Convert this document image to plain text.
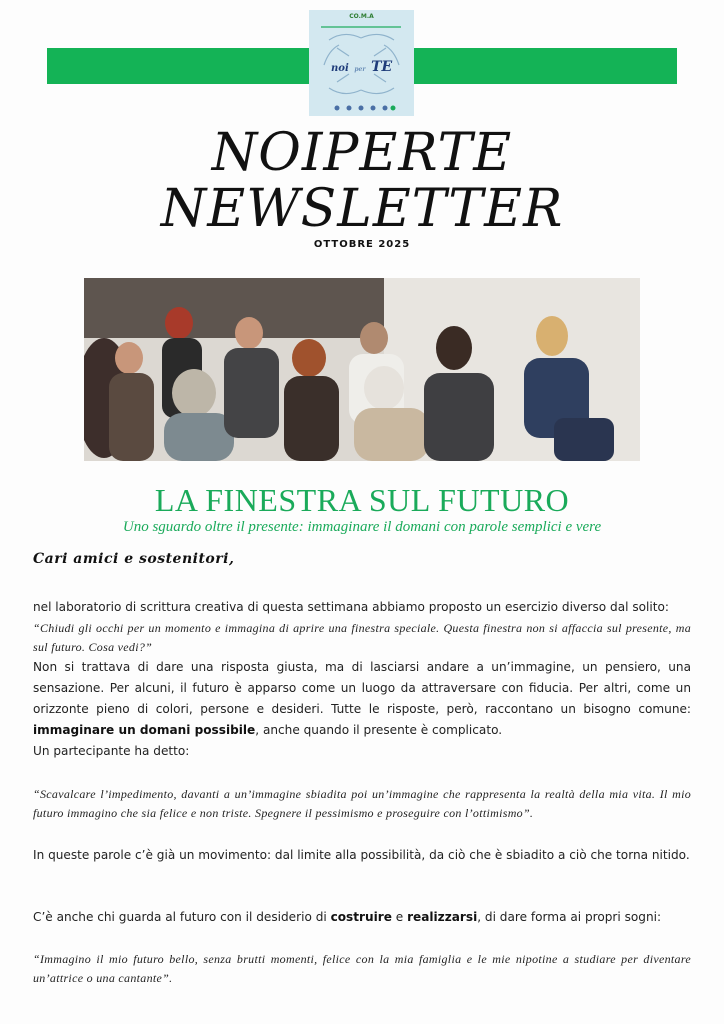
CO.M.A
noi per TE
NOIPERTE
NEWSLETTER
OTTOBRE 2025
LA FINESTRA SUL FUTURO
Uno sguardo oltre il presente: immaginare il domani con parole semplici e vere
Cari amici e sostenitori,
nel laboratorio di scrittura creativa di questa settimana abbiamo proposto un esercizio diverso dal solito:
“Chiudi gli occhi per un momento e immagina di aprire una finestra speciale. Questa finestra non si affaccia sul presente, ma sul futuro. Cosa vedi?”
Non si trattava di dare una risposta giusta, ma di lasciarsi andare a un’immagine, un pensiero, una sensazione. Per alcuni, il futuro è apparso come un luogo da attraversare con fiducia. Per altri, come un orizzonte pieno di colori, persone e desideri. Tutte le risposte, però, raccontano un bisogno comune: immaginare un domani possibile, anche quando il presente è complicato.
Un partecipante ha detto:
“Scavalcare l’impedimento, davanti a un’immagine sbiadita poi un’immagine che rappresenta la realtà della mia vita. Il mio futuro immagino che sia felice e non triste. Spegnere il pessimismo e proseguire con l’ottimismo”.
In queste parole c’è già un movimento: dal limite alla possibilità, da ciò che è sbiadito a ciò che torna nitido.
C’è anche chi guarda al futuro con il desiderio di costruire e realizzarsi, di dare forma ai propri sogni:
“Immagino il mio futuro bello, senza brutti momenti, felice con la mia famiglia e le mie nipotine a studiare per diventare un’attrice o una cantante”.
